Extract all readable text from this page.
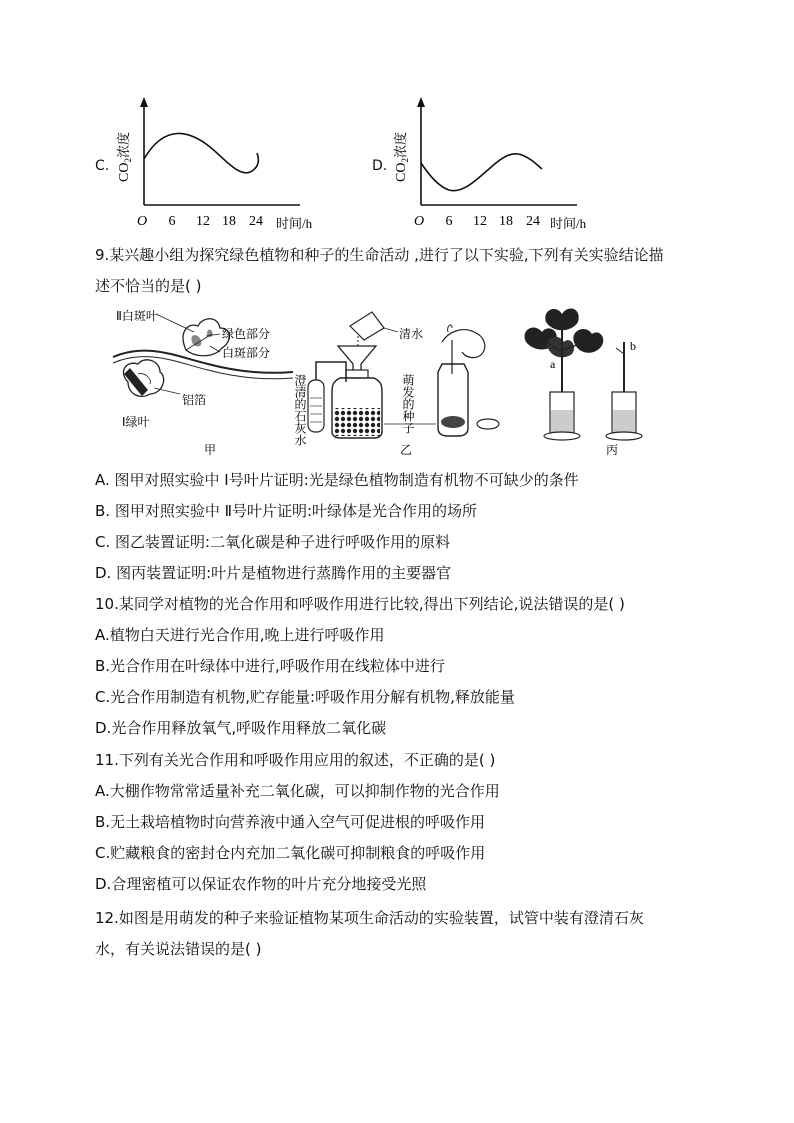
C. $CO_2$浓度
O 6 12 18 24 时间/h
D. $CO_2$浓度
O 6 12 18 24 时间/h
9.某兴趣小组为探究绿色植物和种子的生命活动 ,进行了以下实验,下列有关实验结论描
述不恰当的是( )
Ⅱ白斑叶
绿色部分
白斑部分
铝箔
Ⅰ绿叶
甲
清水
澄清的石灰水	萌发的种子
乙
a
b
丙
A. 图甲对照实验中 Ⅰ号叶片证明:光是绿色植物制造有机物不可缺少的条件
B. 图甲对照实验中 Ⅱ号叶片证明:叶绿体是光合作用的场所
C. 图乙装置证明:二氧化碳是种子进行呼吸作用的原料
D. 图丙装置证明:叶片是植物进行蒸腾作用的主要器官
10.某同学对植物的光合作用和呼吸作用进行比较,得出下列结论,说法错误的是( )
A.植物白天进行光合作用,晚上进行呼吸作用
B.光合作用在叶绿体中进行,呼吸作用在线粒体中进行
C.光合作用制造有机物,贮存能量:呼吸作用分解有机物,释放能量
D.光合作用释放氧气,呼吸作用释放二氧化碳
11.下列有关光合作用和呼吸作用应用的叙述，不正确的是( )
A.大棚作物常常适量补充二氧化碳，可以抑制作物的光合作用
B.无土栽培植物时向营养液中通入空气可促进根的呼吸作用
C.贮藏粮食的密封仓内充加二氧化碳可抑制粮食的呼吸作用
D.合理密植可以保证农作物的叶片充分地接受光照
12.如图是用萌发的种子来验证植物某项生命活动的实验装置，试管中装有澄清石灰
水，有关说法错误的是( )
